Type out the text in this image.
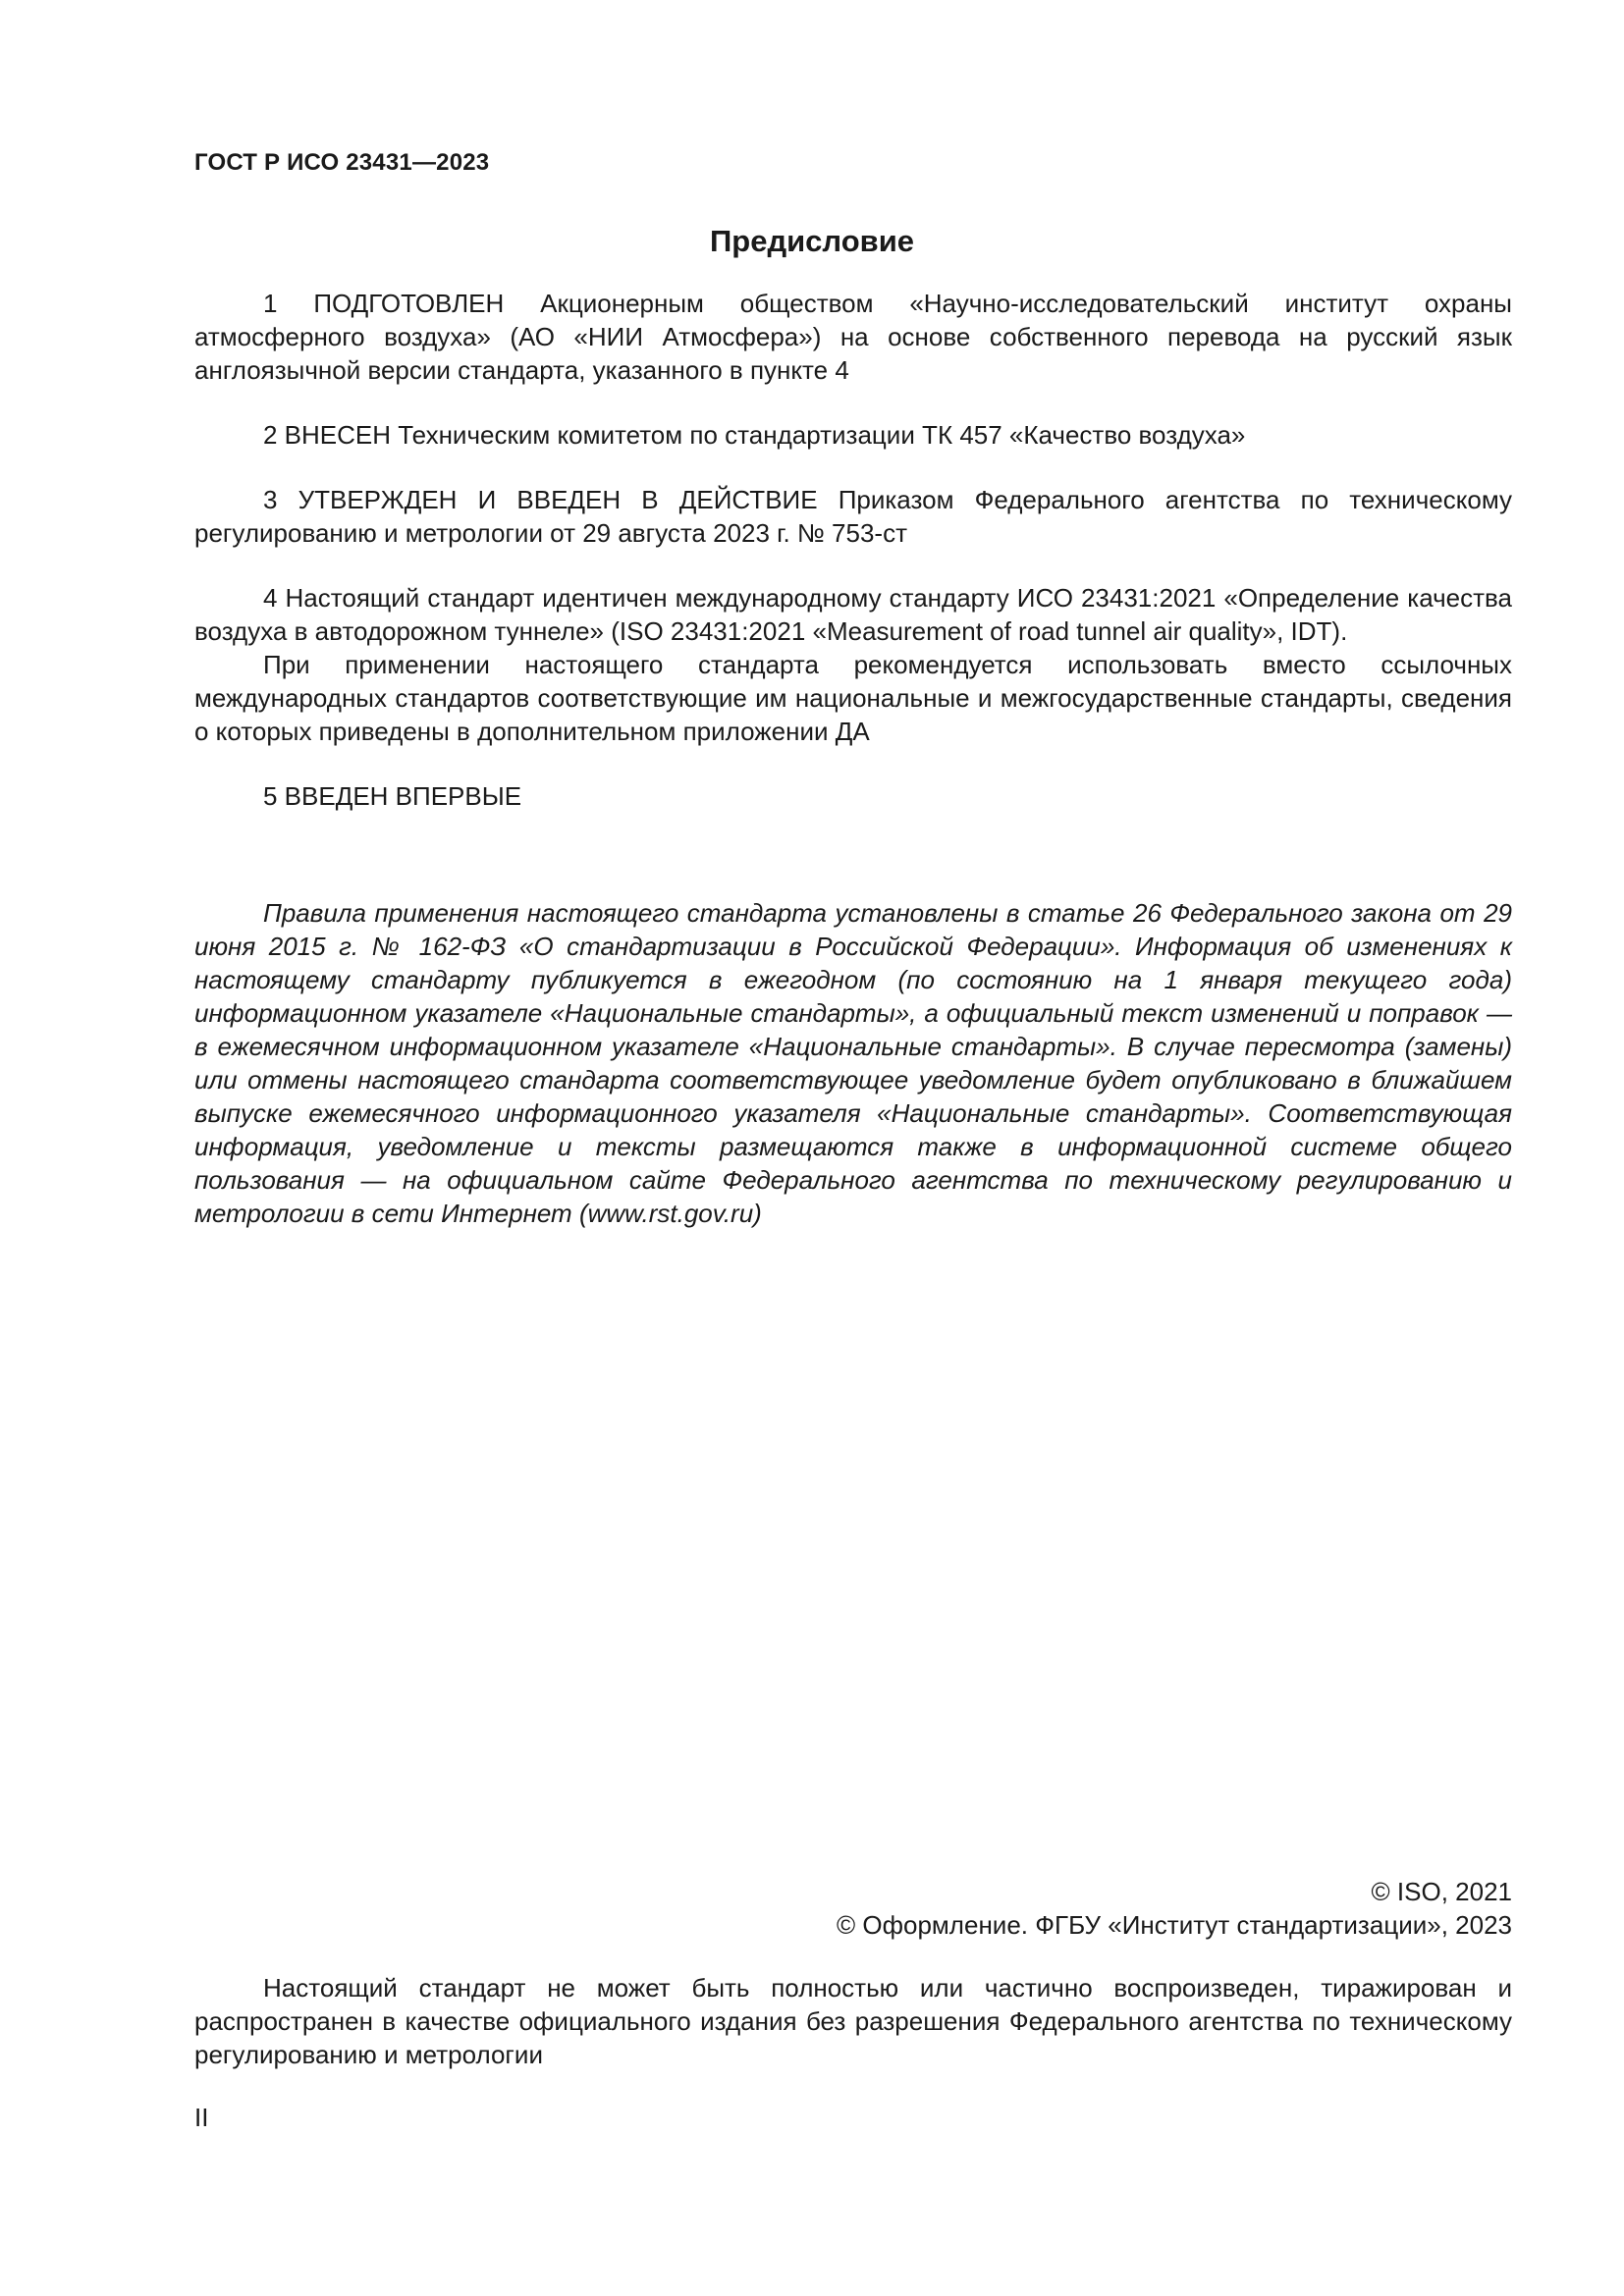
ГОСТ Р ИСО 23431—2023
Предисловие

1 ПОДГОТОВЛЕН Акционерным обществом «Научно-исследовательский институт охраны атмосферного воздуха» (АО «НИИ Атмосфера») на основе собственного перевода на русский язык англоязычной версии стандарта, указанного в пункте 4

2 ВНЕСЕН Техническим комитетом по стандартизации ТК 457 «Качество воздуха»

3 УТВЕРЖДЕН И ВВЕДЕН В ДЕЙСТВИЕ Приказом Федерального агентства по техническому регулированию и метрологии от 29 августа 2023 г. № 753-ст

4 Настоящий стандарт идентичен международному стандарту ИСО 23431:2021 «Определение качества воздуха в автодорожном туннеле» (ISO 23431:2021 «Measurement of road tunnel air quality», IDT).

При применении настоящего стандарта рекомендуется использовать вместо ссылочных международных стандартов соответствующие им национальные и межгосударственные стандарты, сведения о которых приведены в дополнительном приложении ДА

5 ВВЕДЕН ВПЕРВЫЕ

Правила применения настоящего стандарта установлены в статье 26 Федерального закона от 29 июня 2015 г. № 162-ФЗ «О стандартизации в Российской Федерации». Информация об изменениях к настоящему стандарту публикуется в ежегодном (по состоянию на 1 января текущего года) информационном указателе «Национальные стандарты», а официальный текст изменений и поправок — в ежемесячном информационном указателе «Национальные стандарты». В случае пересмотра (замены) или отмены настоящего стандарта соответствующее уведомление будет опубликовано в ближайшем выпуске ежемесячного информационного указателя «Национальные стандарты». Соответствующая информация, уведомление и тексты размещаются также в информационной системе общего пользования — на официальном сайте Федерального агентства по техническому регулированию и метрологии в сети Интернет (www.rst.gov.ru)

© ISO, 2021
© Оформление. ФГБУ «Институт стандартизации», 2023

Настоящий стандарт не может быть полностью или частично воспроизведен, тиражирован и распространен в качестве официального издания без разрешения Федерального агентства по техническому регулированию и метрологии

II
